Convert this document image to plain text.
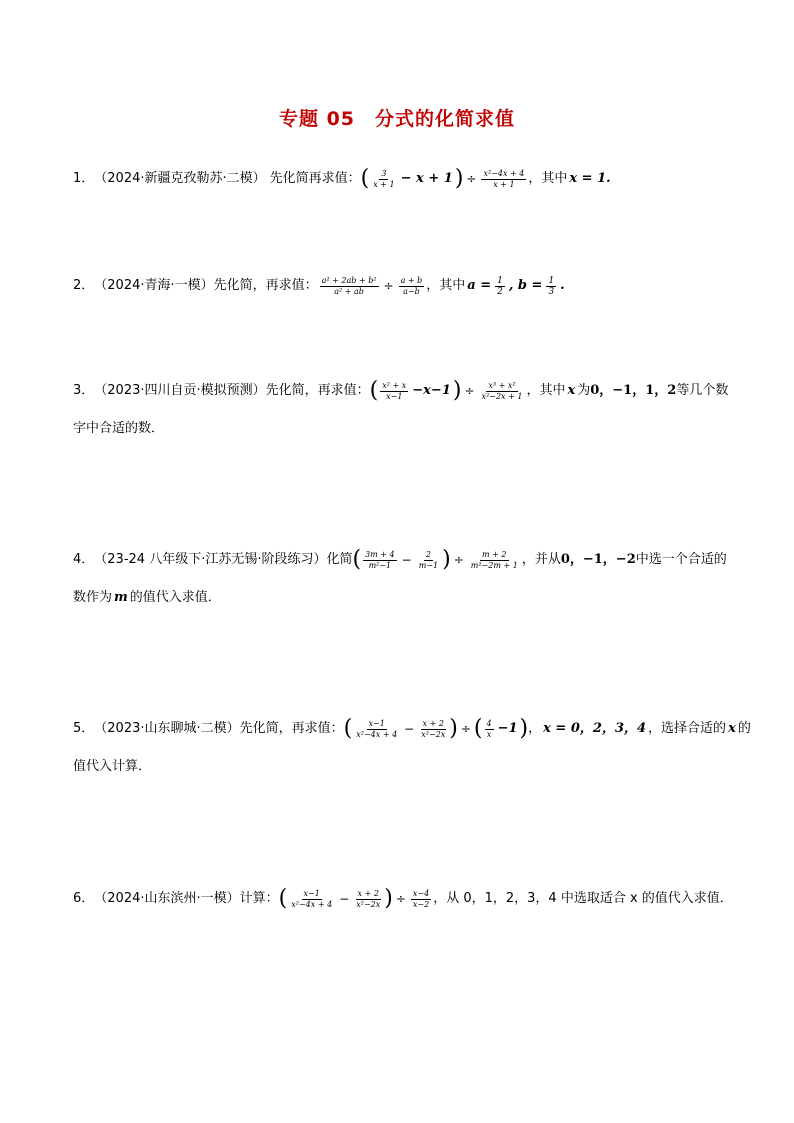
专题 05 分式的化简求值
1． （2024·新疆克孜勒苏·二模） 先化简再求值： ( $\frac{3}{x + 1} - x + 1$ ) ÷ $\frac{\text{x²−4x + 4}}{x + 1}$ ，其中 x = 1.
2． （2024·青海·一模） 先化简，再求值： $\frac{\text{a² + 2ab + b²}}{\text{a² + ab}} \div \frac{a + b}{a-b}$ ，其中 $a = \frac{1}{2}$ , $b = \frac{1}{3}$ .
3． （2023·四川自贡·模拟预测） 先化简，再求值： ( $\frac{\text{x² + x}}{x-1} -x-1$ ) ÷ $\frac{\text{x³ + x²}}{\text{x²−2x + 1}}$ ，其中 x 为 0，−1，1，2 等几个数
字中合适的数．
4． （23-24 八年级下·江苏无锡·阶段练习） 化简 ( $\frac{3m + 4}{\text{m²−1}} - \frac{2}{m-1}$ ) ÷ $\frac{m + 2}{\text{m²−2m + 1}}$ ，并从 0，−1，−2 中选一个合适的
数作为 m 的值代入求值．
5． （2023·山东聊城·二模） 先化简，再求值： ( $\frac{x-1}{\text{x²−4x + 4}} - \frac{x + 2}{\text{x²−2x}}$ ) ÷ ( $\frac{4}{x} -1$ ) ， x = 0，2，3，4 ，选择合适的 x 的
值代入计算．
6． （2024·山东滨州·一模） 计算： ( $\frac{x-1}{\text{x²−4x + 4}} - \frac{x + 2}{\text{x²−2x}}$ ) ÷ $\frac{x-4}{x-2}$ ，从 0，1，2，3，4 中选取适合 x 的值代入求值．
